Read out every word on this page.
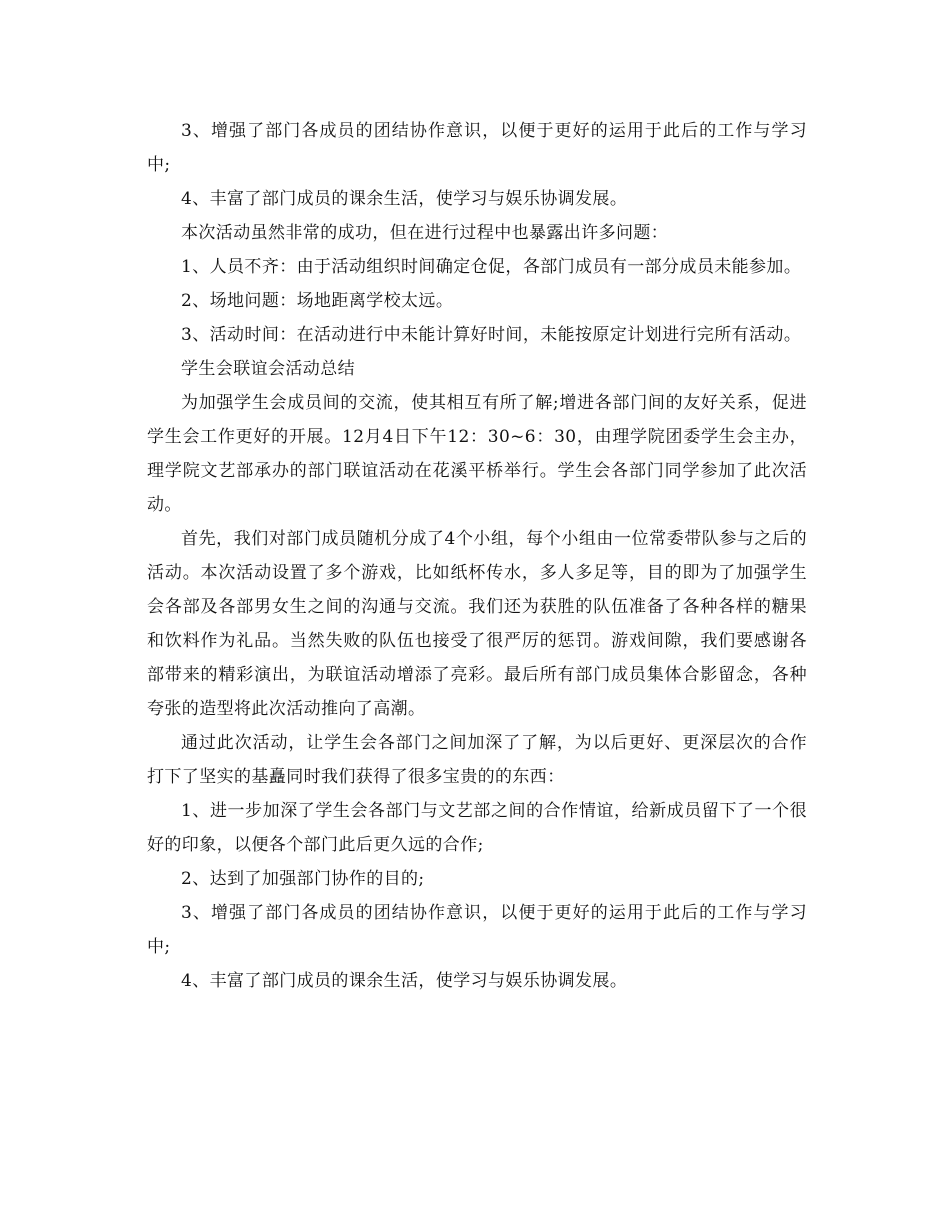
3、增强了部门各成员的团结协作意识，以便于更好的运用于此后的工作与学习中;

4、丰富了部门成员的课余生活，使学习与娱乐协调发展。

本次活动虽然非常的成功，但在进行过程中也暴露出许多问题：

1、人员不齐：由于活动组织时间确定仓促，各部门成员有一部分成员未能参加。

2、场地问题：场地距离学校太远。

3、活动时间：在活动进行中未能计算好时间，未能按原定计划进行完所有活动。

学生会联谊会活动总结

为加强学生会成员间的交流，使其相互有所了解;增进各部门间的友好关系，促进学生会工作更好的开展。12月4日下午12：30~6：30，由理学院团委学生会主办，理学院文艺部承办的部门联谊活动在花溪平桥举行。学生会各部门同学参加了此次活动。

首先，我们对部门成员随机分成了4个小组，每个小组由一位常委带队参与之后的活动。本次活动设置了多个游戏，比如纸杯传水，多人多足等，目的即为了加强学生会各部及各部男女生之间的沟通与交流。我们还为获胜的队伍准备了各种各样的糖果和饮料作为礼品。当然失败的队伍也接受了很严厉的惩罚。游戏间隙，我们要感谢各部带来的精彩演出，为联谊活动增添了亮彩。最后所有部门成员集体合影留念，各种夸张的造型将此次活动推向了高潮。

通过此次活动，让学生会各部门之间加深了了解，为以后更好、更深层次的合作打下了坚实的基矗同时我们获得了很多宝贵的的东西：

1、进一步加深了学生会各部门与文艺部之间的合作情谊，给新成员留下了一个很好的印象，以便各个部门此后更久远的合作;

2、达到了加强部门协作的目的;

3、增强了部门各成员的团结协作意识，以便于更好的运用于此后的工作与学习中;

4、丰富了部门成员的课余生活，使学习与娱乐协调发展。
